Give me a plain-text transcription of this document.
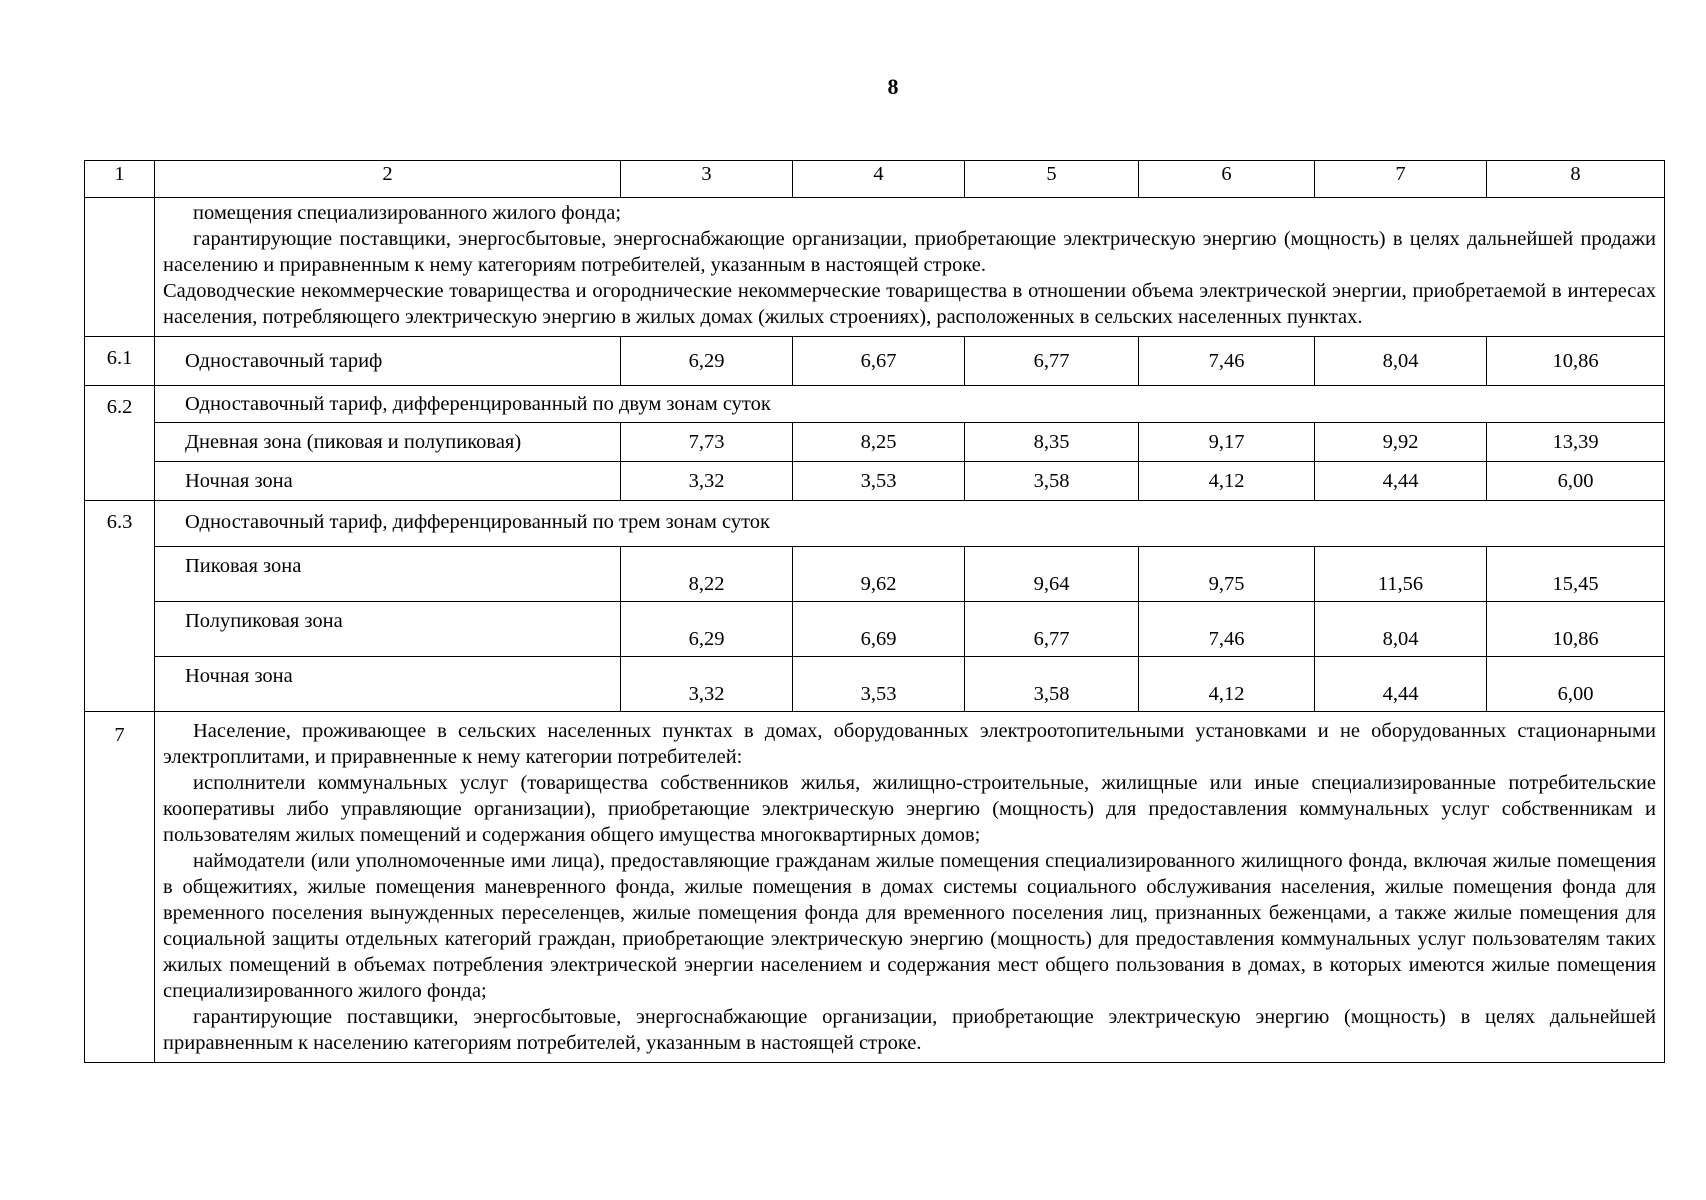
8
1	2	3	4	5	6	7	8

	помещения специализированного жилого фонда;

гарантирующие поставщики, энергосбытовые, энергоснабжающие организации, приобретающие электрическую энергию (мощность) в целях дальнейшей продажи населению и приравненным к нему категориям потребителей, указанным в настоящей строке.

Садоводческие некоммерческие товарищества и огороднические некоммерческие товарищества в отношении объема электрической энергии, приобретаемой в интересах населения, потребляющего электрическую энергию в жилых домах (жилых строениях), расположенных в сельских населенных пунктах.						

6.1	Одноставочный тариф	6,29	6,67	6,77	7,46	8,04	10,86
6.2	Одноставочный тариф, дифференцированный по двум зонам суток						
	Дневная зона (пиковая и полупиковая)	7,73	8,25	8,35	9,17	9,92	13,39
	Ночная зона	3,32	3,53	3,58	4,12	4,44	6,00
6.3	Одноставочный тариф, дифференцированный по трем зонам суток						
	Пиковая зона	8,22	9,62	9,64	9,75	11,56	15,45
	Полупиковая зона	6,29	6,69	6,77	7,46	8,04	10,86
	Ночная зона	3,32	3,53	3,58	4,12	4,44	6,00
7	Население, проживающее в сельских населенных пунктах в домах, оборудованных электроотопительными установками и не оборудованных стационарными электроплитами, и приравненные к нему категории потребителей:

исполнители коммунальных услуг (товарищества собственников жилья, жилищно-строительные, жилищные или иные специализированные потребительские кооперативы либо управляющие организации), приобретающие электрическую энергию (мощность) для предоставления коммунальных услуг собственникам и пользователям жилых помещений и содержания общего имущества многоквартирных домов;

наймодатели (или уполномоченные ими лица), предоставляющие гражданам жилые помещения специализированного жилищного фонда, включая жилые помещения в общежитиях, жилые помещения маневренного фонда, жилые помещения в домах системы социального обслуживания населения, жилые помещения фонда для временного поселения вынужденных переселенцев, жилые помещения фонда для временного поселения лиц, признанных беженцами, а также жилые помещения для социальной защиты отдельных категорий граждан, приобретающие электрическую энергию (мощность) для предоставления коммунальных услуг пользователям таких жилых помещений в объемах потребления электрической энергии населением и содержания мест общего пользования в домах, в которых имеются жилые помещения специализированного жилого фонда;

гарантирующие поставщики, энергосбытовые, энергоснабжающие организации, приобретающие электрическую энергию (мощность) в целях дальнейшей приравненным к населению категориям потребителей, указанным в настоящей строке.						
